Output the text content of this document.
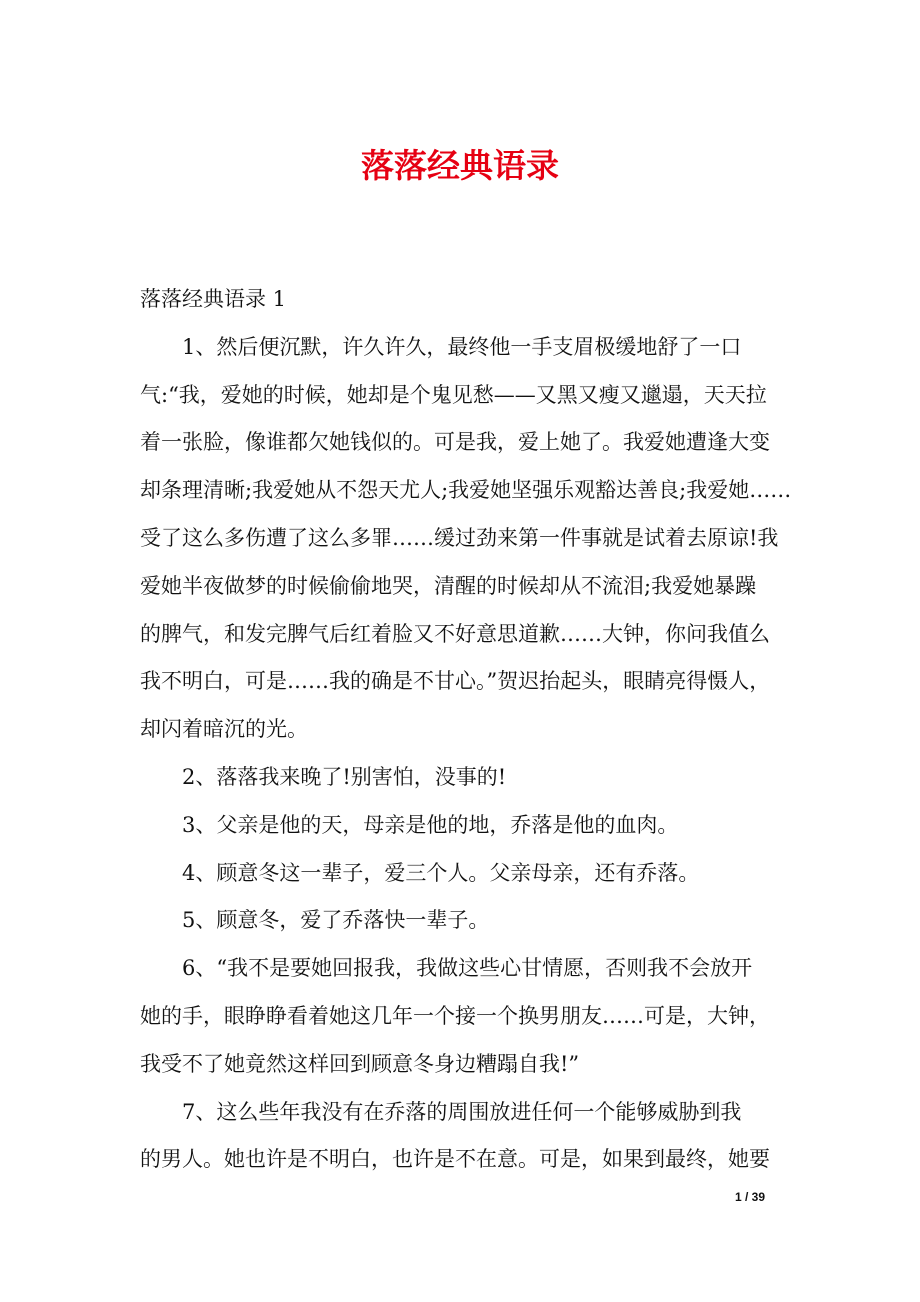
落落经典语录

落落经典语录 1

1、然后便沉默，许久许久，最终他一手支眉极缓地舒了一口
气:“我，爱她的时候，她却是个鬼见愁——又黑又瘦又邋遢，天天拉
着一张脸，像谁都欠她钱似的。可是我，爱上她了。我爱她遭逢大变
却条理清晰;我爱她从不怨天尤人;我爱她坚强乐观豁达善良;我爱她……
受了这么多伤遭了这么多罪……缓过劲来第一件事就是试着去原谅!我
爱她半夜做梦的时候偷偷地哭，清醒的时候却从不流泪;我爱她暴躁
的脾气，和发完脾气后红着脸又不好意思道歉……大钟，你问我值么
我不明白，可是……我的确是不甘心。”贺迟抬起头，眼睛亮得慑人，
却闪着暗沉的光。

2、落落我来晚了!别害怕，没事的!

3、父亲是他的天，母亲是他的地，乔落是他的血肉。

4、顾意冬这一辈子，爱三个人。父亲母亲，还有乔落。

5、顾意冬，爱了乔落快一辈子。

6、“我不是要她回报我，我做这些心甘情愿，否则我不会放开
她的手，眼睁睁看着她这几年一个接一个换男朋友……可是，大钟，
我受不了她竟然这样回到顾意冬身边糟蹋自我!”

7、这么些年我没有在乔落的周围放进任何一个能够威胁到我
的男人。她也许是不明白，也许是不在意。可是，如果到最终，她要

1 / 39
